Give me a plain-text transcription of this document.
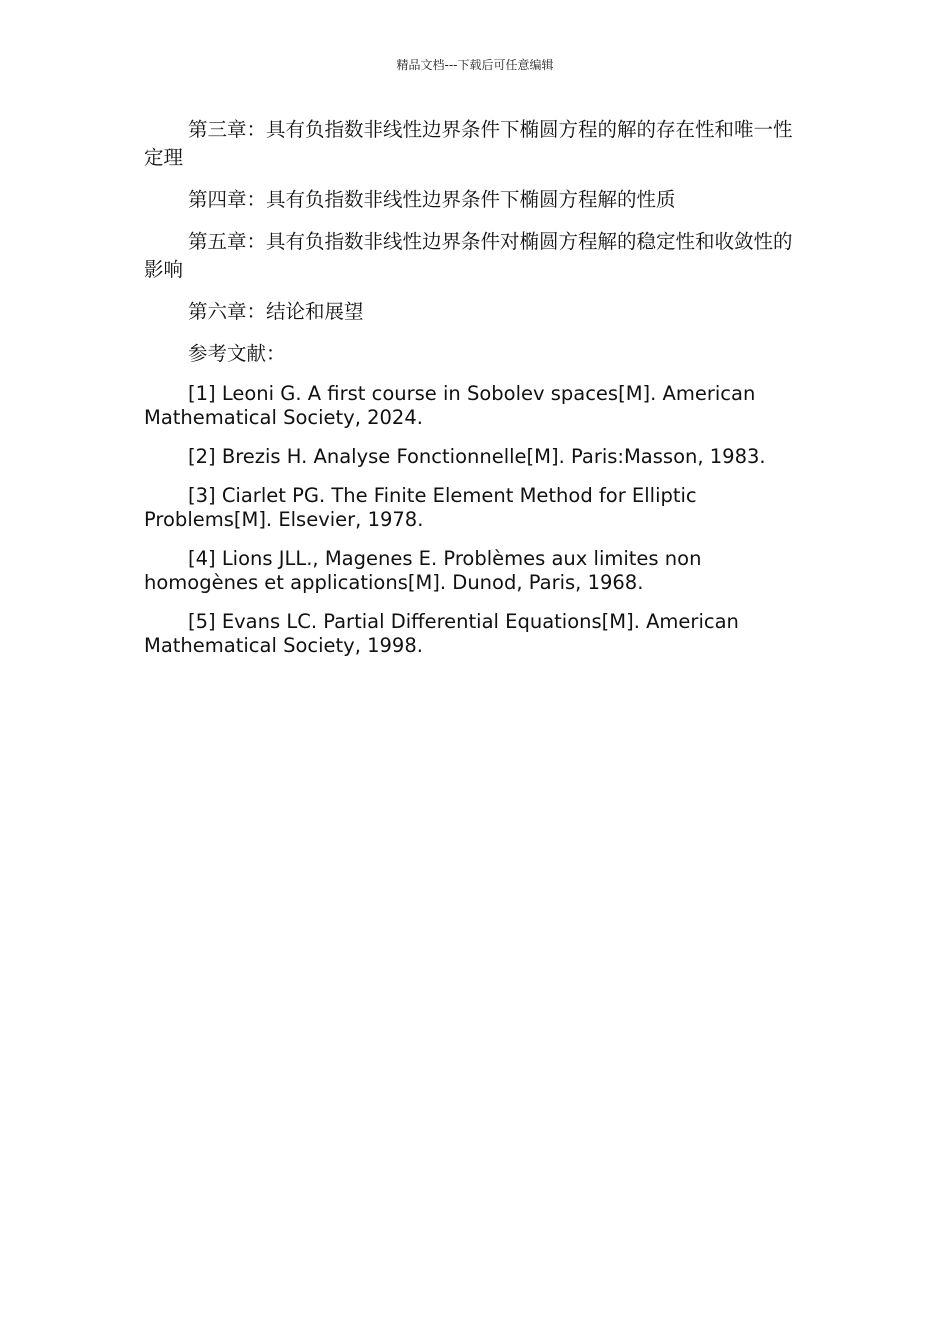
精品文档---下载后可任意编辑

第三章：具有负指数非线性边界条件下椭圆方程的解的存在性和唯一性定理

第四章：具有负指数非线性边界条件下椭圆方程解的性质

第五章：具有负指数非线性边界条件对椭圆方程解的稳定性和收敛性的影响

第六章：结论和展望

参考文献：

[1] Leoni G. A first course in Sobolev spaces[M]. American Mathematical Society, 2024.

[2] Brezis H. Analyse Fonctionnelle[M]. Paris:Masson, 1983.

[3] Ciarlet PG. The Finite Element Method for Elliptic Problems[M]. Elsevier, 1978.

[4] Lions JLL., Magenes E. Problèmes aux limites non homogènes et applications[M]. Dunod, Paris, 1968.

[5] Evans LC. Partial Differential Equations[M]. American Mathematical Society, 1998.
